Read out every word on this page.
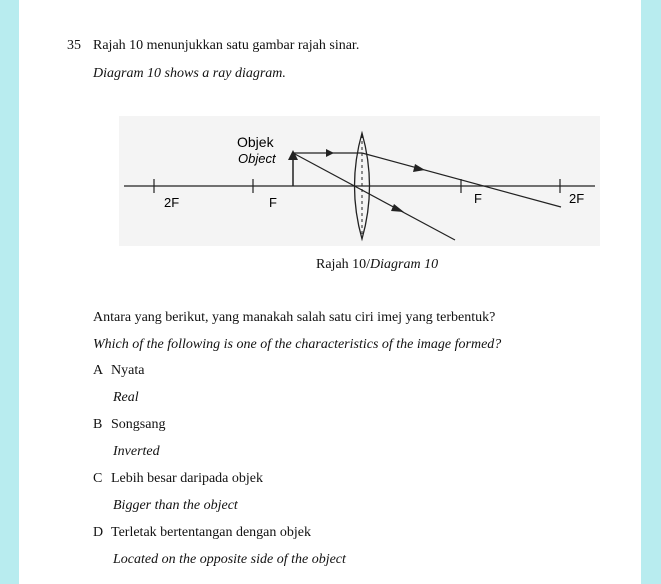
35 Rajah 10 menunjukkan satu gambar rajah sinar.
Diagram 10 shows a ray diagram.
Objek
Object
2F	F	F	2F
Rajah 10/Diagram 10
Antara yang berikut, yang manakah salah satu ciri imej yang terbentuk?
Which of the following is one of the characteristics of the image formed?
A Nyata
Real
B Songsang
Inverted
C Lebih besar daripada objek
Bigger than the object
D Terletak bertentangan dengan objek
Located on the opposite side of the object
